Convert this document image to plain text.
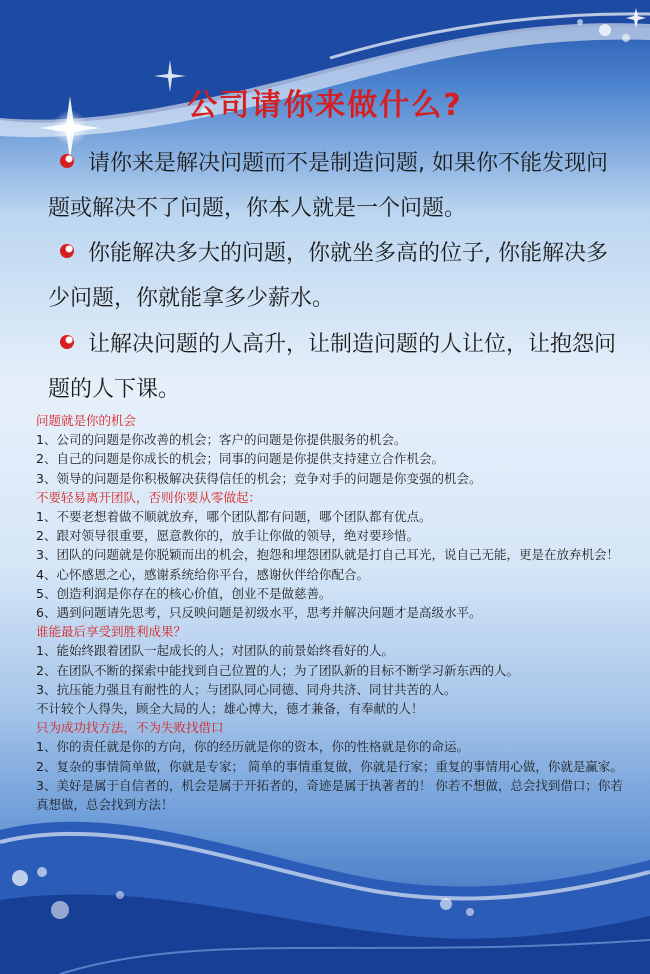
公司请你来做什么?
请你来是解决问题而不是制造问题, 如果你不能发现问题或解决不了问题，你本人就是一个问题。
你能解决多大的问题，你就坐多高的位子, 你能解决多少问题，你就能拿多少薪水。
让解决问题的人高升，让制造问题的人让位，让抱怨问题的人下课。
问题就是你的机会
1、公司的问题是你改善的机会；客户的问题是你提供服务的机会。
2、自己的问题是你成长的机会；同事的问题是你提供支持建立合作机会。
3、领导的问题是你积极解决获得信任的机会；竞争对手的问题是你变强的机会。
不要轻易离开团队，否则你要从零做起：
1、不要老想着做不顺就放弃，哪个团队都有问题，哪个团队都有优点。
2、跟对领导很重要，愿意教你的，放手让你做的领导，绝对要珍惜。
3、团队的问题就是你脱颖而出的机会，抱怨和埋怨团队就是打自己耳光，说自己无能，更是在放弃机会！
4、心怀感恩之心，感谢系统给你平台，感谢伙伴给你配合。
5、创造利润是你存在的核心价值，创业不是做慈善。
6、遇到问题请先思考，只反映问题是初级水平，思考并解决问题才是高级水平。
谁能最后享受到胜利成果？
1、能始终跟着团队一起成长的人；对团队的前景始终看好的人。
2、在团队不断的探索中能找到自己位置的人；为了团队新的目标不断学习新东西的人。
3、抗压能力强且有耐性的人；与团队同心同德、同舟共济、同甘共苦的人。
不计较个人得失，顾全大局的人；雄心博大，德才兼备，有奉献的人！
只为成功找方法，不为失败找借口
1、你的责任就是你的方向，你的经历就是你的资本，你的性格就是你的命运。
2、复杂的事情简单做，你就是专家； 简单的事情重复做，你就是行家；重复的事情用心做，你就是赢家。
3、美好是属于自信者的，机会是属于开拓者的，奇迹是属于执著者的！ 你若不想做，总会找到借口；你若真想做，总会找到方法！
